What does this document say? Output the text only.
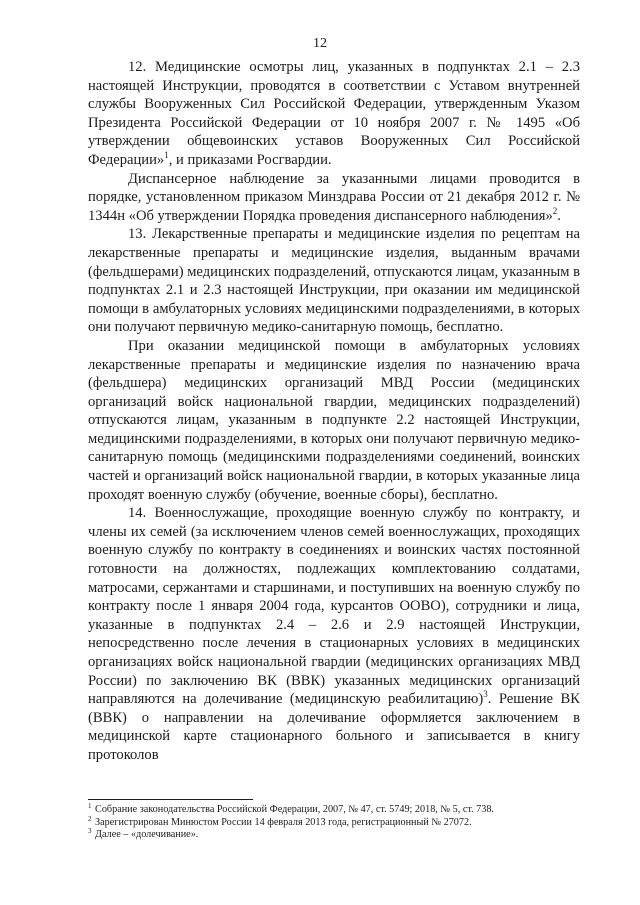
12

12. Медицинские осмотры лиц, указанных в подпунктах 2.1 – 2.3 настоящей Инструкции, проводятся в соответствии с Уставом внутренней службы Вооруженных Сил Российской Федерации, утвержденным Указом Президента Российской Федерации от 10 ноября 2007 г. № 1495 «Об утверждении общевоинских уставов Вооруженных Сил Российской Федерации»$^1$, и приказами Росгвардии.

Диспансерное наблюдение за указанными лицами проводится в порядке, установленном приказом Минздрава России от 21 декабря 2012 г. № 1344н «Об утверждении Порядка проведения диспансерного наблюдения»$^2$.

13. Лекарственные препараты и медицинские изделия по рецептам на лекарственные препараты и медицинские изделия, выданным врачами (фельдшерами) медицинских подразделений, отпускаются лицам, указанным в подпунктах 2.1 и 2.3 настоящей Инструкции, при оказании им медицинской помощи в амбулаторных условиях медицинскими подразделениями, в которых они получают первичную медико-санитарную помощь, бесплатно.

При оказании медицинской помощи в амбулаторных условиях лекарственные препараты и медицинские изделия по назначению врача (фельдшера) медицинских организаций МВД России (медицинских организаций войск национальной гвардии, медицинских подразделений) отпускаются лицам, указанным в подпункте 2.2 настоящей Инструкции, медицинскими подразделениями, в которых они получают первичную медико-санитарную помощь (медицинскими подразделениями соединений, воинских частей и организаций войск национальной гвардии, в которых указанные лица проходят военную службу (обучение, военные сборы), бесплатно.

14. Военнослужащие, проходящие военную службу по контракту, и члены их семей (за исключением членов семей военнослужащих, проходящих военную службу по контракту в соединениях и воинских частях постоянной готовности на должностях, подлежащих комплектованию солдатами, матросами, сержантами и старшинами, и поступивших на военную службу по контракту после 1 января 2004 года, курсантов ООВО), сотрудники и лица, указанные в подпунктах 2.4 – 2.6 и 2.9 настоящей Инструкции, непосредственно после лечения в стационарных условиях в медицинских организациях войск национальной гвардии (медицинских организациях МВД России) по заключению ВК (ВВК) указанных медицинских организаций направляются на долечивание (медицинскую реабилитацию)$^3$. Решение ВК (ВВК) о направлении на долечивание оформляется заключением в медицинской карте стационарного больного и записывается в книгу протоколов

$^1$ Собрание законодательства Российской Федерации, 2007, № 47, ст. 5749; 2018, № 5, ст. 738.

$^2$ Зарегистрирован Минюстом России 14 февраля 2013 года, регистрационный № 27072.

$^3$ Далее – «долечивание».
